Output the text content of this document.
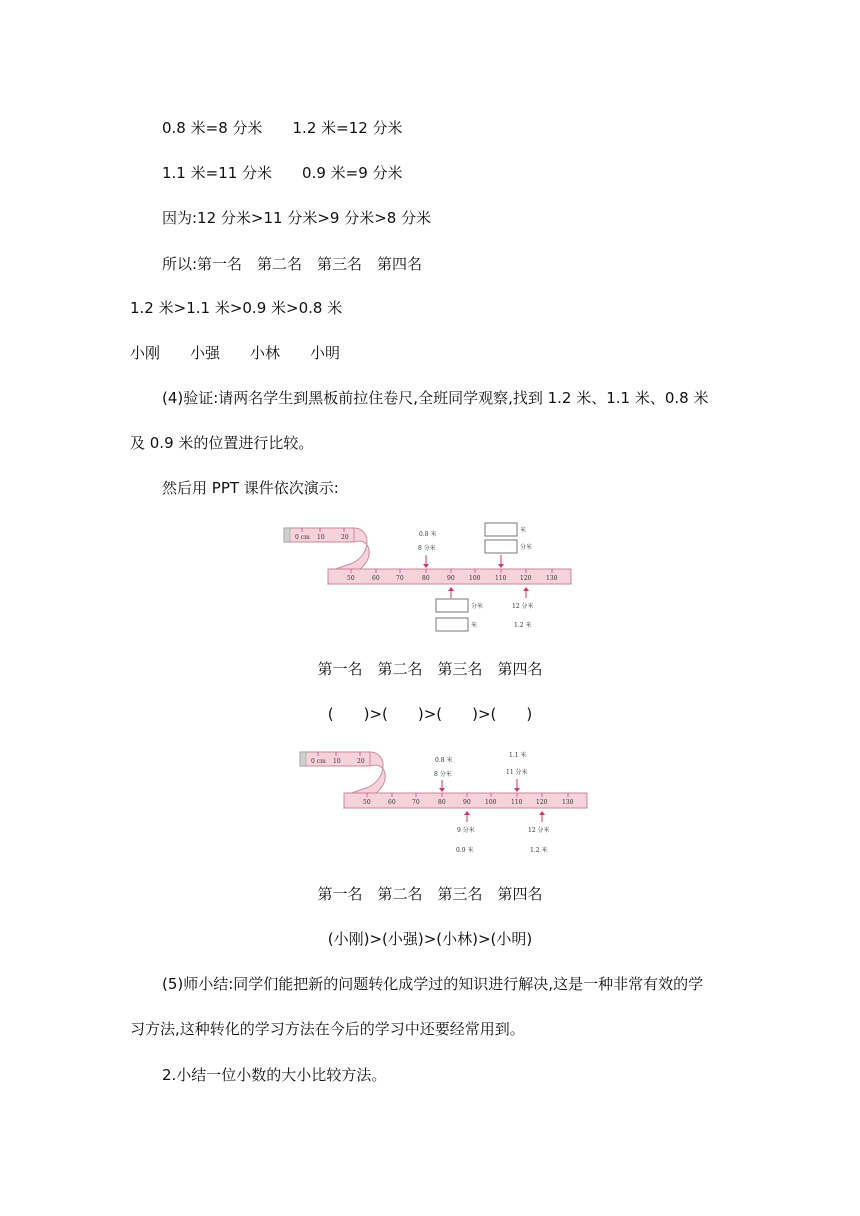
0.8 米=8 分米　　1.2 米=12 分米
1.1 米=11 分米　　0.9 米=9 分米
因为:12 分米>11 分米>9 分米>8 分米
所以:第一名　第二名　第三名　第四名
1.2 米>1.1 米>0.9 米>0.8 米
小刚　　小强　　小林　　小明
(4)验证:请两名学生到黑板前拉住卷尺,全班同学观察,找到 1.2 米、1.1 米、0.8 米
及 0.9 米的位置进行比较。
然后用 PPT 课件依次演示:
0 cm 10	20
50	60	70	80	90 100 110 120 130
0.8 米
8 分米
米
分米
分米
米
12 分米
1.2 米
第一名　第二名　第三名　第四名
(　　)>(　　)>(　　)>(　　)
0 cm 10	20
50	60	70	80	90 100 110 120 130
0.8 米
8 分米
1.1 米
11 分米
9 分米
0.9 米
12 分米
1.2 米
第一名　第二名　第三名　第四名
(小刚)>(小强)>(小林)>(小明)
(5)师小结:同学们能把新的问题转化成学过的知识进行解决,这是一种非常有效的学
习方法,这种转化的学习方法在今后的学习中还要经常用到。
2.小结一位小数的大小比较方法。
